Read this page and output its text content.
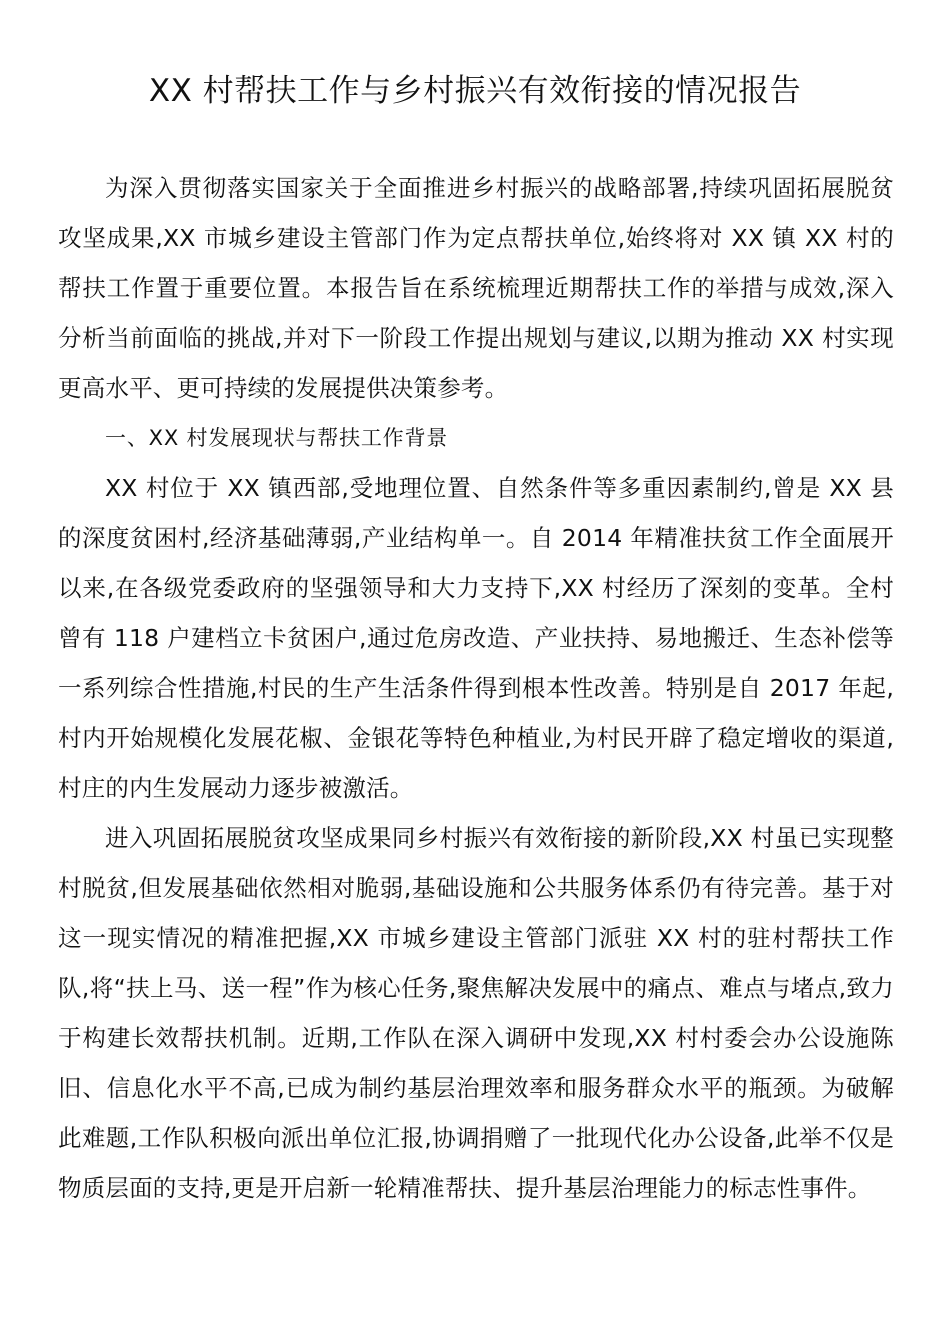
XX 村帮扶工作与乡村振兴有效衔接的情况报告

为深入贯彻落实国家关于全面推进乡村振兴的战略部署,持续巩固拓展脱贫攻坚成果,XX 市城乡建设主管部门作为定点帮扶单位,始终将对 XX 镇 XX 村的帮扶工作置于重要位置。本报告旨在系统梳理近期帮扶工作的举措与成效,深入分析当前面临的挑战,并对下一阶段工作提出规划与建议,以期为推动 XX 村实现更高水平、更可持续的发展提供决策参考。

一、XX 村发展现状与帮扶工作背景

XX 村位于 XX 镇西部,受地理位置、自然条件等多重因素制约,曾是 XX 县的深度贫困村,经济基础薄弱,产业结构单一。自 2014 年精准扶贫工作全面展开以来,在各级党委政府的坚强领导和大力支持下,XX 村经历了深刻的变革。全村曾有 118 户建档立卡贫困户,通过危房改造、产业扶持、易地搬迁、生态补偿等一系列综合性措施,村民的生产生活条件得到根本性改善。特别是自 2017 年起,村内开始规模化发展花椒、金银花等特色种植业,为村民开辟了稳定增收的渠道,村庄的内生发展动力逐步被激活。

进入巩固拓展脱贫攻坚成果同乡村振兴有效衔接的新阶段,XX 村虽已实现整村脱贫,但发展基础依然相对脆弱,基础设施和公共服务体系仍有待完善。基于对这一现实情况的精准把握,XX 市城乡建设主管部门派驻 XX 村的驻村帮扶工作队,将“扶上马、送一程”作为核心任务,聚焦解决发展中的痛点、难点与堵点,致力于构建长效帮扶机制。近期,工作队在深入调研中发现,XX 村村委会办公设施陈旧、信息化水平不高,已成为制约基层治理效率和服务群众水平的瓶颈。为破解此难题,工作队积极向派出单位汇报,协调捐赠了一批现代化办公设备,此举不仅是物质层面的支持,更是开启新一轮精准帮扶、提升基层治理能力的标志性事件。
